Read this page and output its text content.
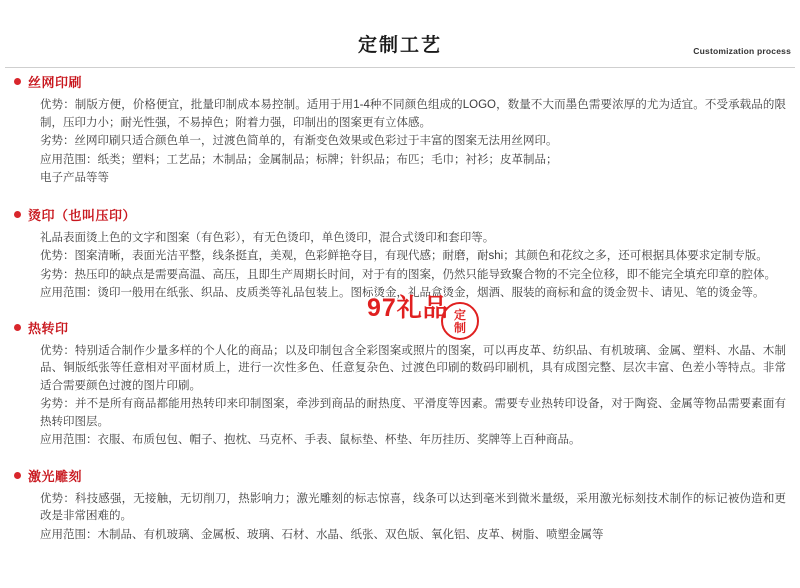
定制工艺	Customization process
丝网印刷

优势：制版方便，价格便宜，批量印制成本易控制。适用于用1-4种不同颜色组成的LOGO，数量不大而墨色需要浓厚的尤为适宜。不受承载品的限制，压印力小；耐光性强，不易掉色；附着力强，印制出的图案更有立体感。

劣势：丝网印刷只适合颜色单一，过渡色简单的，有渐变色效果或色彩过于丰富的图案无法用丝网印。

应用范围：纸类；塑料；工艺品；木制品；金属制品；标牌；针织品；布匹；毛巾；衬衫；皮革制品；

电子产品等等

烫印（也叫压印）

礼品表面烫上色的文字和图案（有色彩），有无色烫印，单色烫印，混合式烫印和套印等。

优势：图案清晰，表面光洁平整，线条挺直，美观，色彩鲜艳夺目，有现代感；耐磨，耐shi；其颜色和花纹之多，还可根据具体要求定制专版。

劣势：热压印的缺点是需要高温、高压，且即生产周期长时间，对于有的图案，仍然只能导致聚合物的不完全位移，即不能完全填充印章的腔体。

应用范围：烫印一般用在纸张、织品、皮质类等礼品包装上。图标烫金，礼品盒烫金，烟酒、服装的商标和盒的烫金贺卡、请见、笔的烫金等。

热转印

优势：特别适合制作少量多样的个人化的商品；以及印制包含全彩图案或照片的图案，可以再皮革、纺织品、有机玻璃、金属、塑料、水晶、木制品、铜版纸张等任意相对平面材质上，进行一次性多色、任意复杂色、过渡色印刷的数码印刷机，具有成图完整、层次丰富、色差小等特点。非常适合需要颜色过渡的图片印刷。

劣势：并不是所有商品都能用热转印来印制图案，牵涉到商品的耐热度、平滑度等因素。需要专业热转印设备，对于陶瓷、金属等物品需要素面有热转印图层。

应用范围：衣服、布质包包、帽子、抱枕、马克杯、手表、鼠标垫、杯垫、年历挂历、奖牌等上百种商品。

激光雕刻

优势：科技感强，无接触，无切削刀，热影响力；激光雕刻的标志惊喜，线条可以达到毫米到微米量级，采用激光标刻技术制作的标记被伪造和更改是非常困难的。

应用范围：木制品、有机玻璃、金属板、玻璃、石材、水晶、纸张、双色版、氧化铝、皮革、树脂、喷塑金属等

97礼品 定
制
